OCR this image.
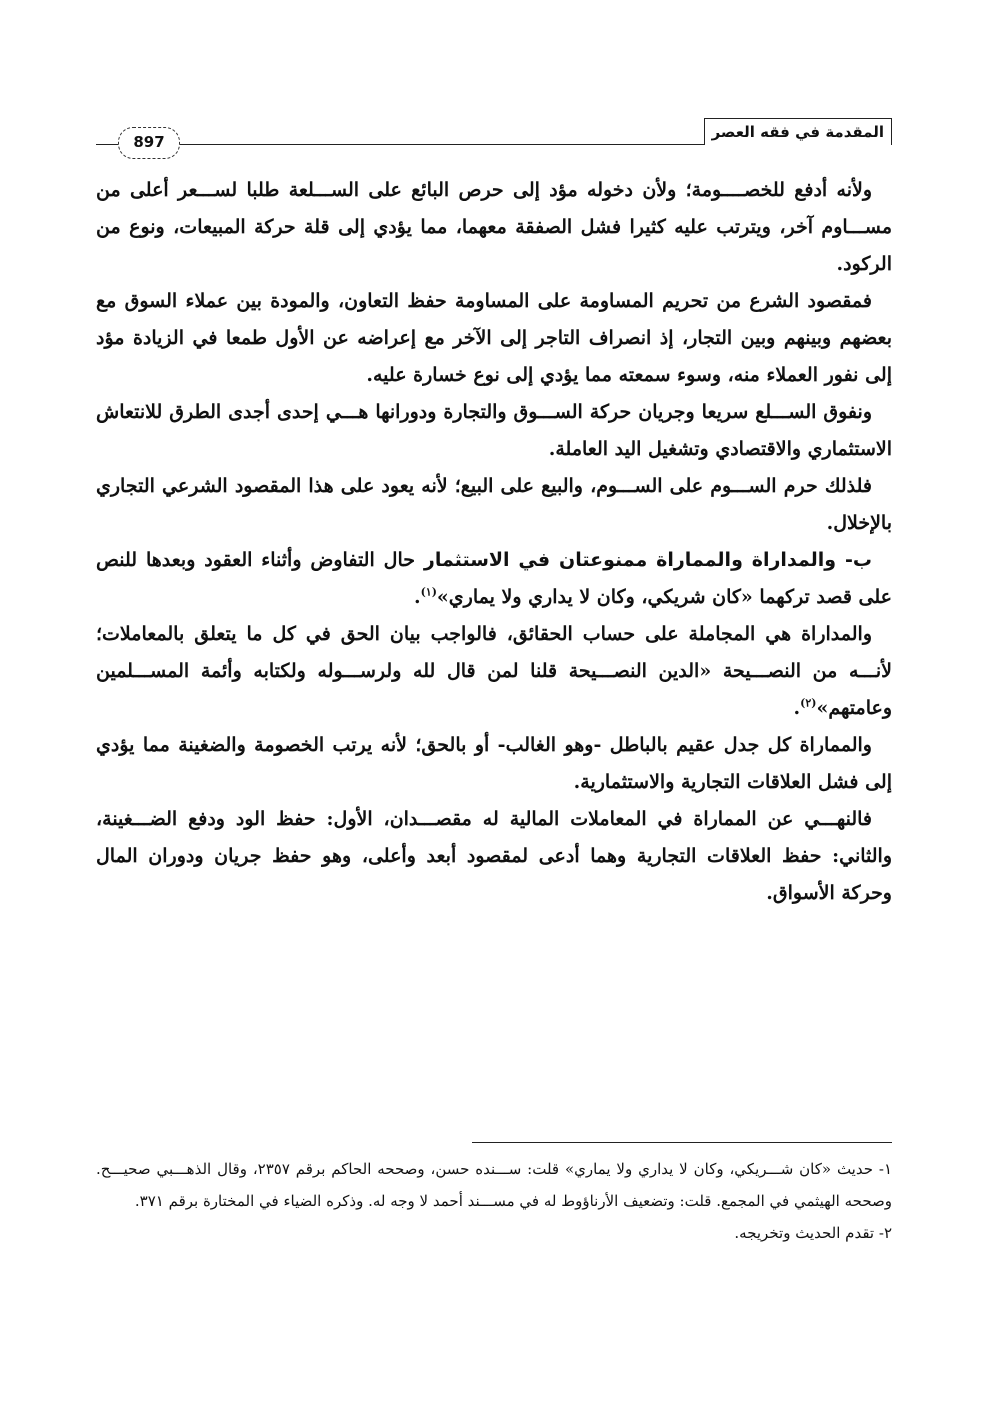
المقدمة في فقه العصر
897

ولأنه أدفع للخصــــومة؛ ولأن دخوله مؤد إلى حرص البائع على الســـلعة طلبا لســـعر أعلى من مســـاوم آخر، ويترتب عليه كثيرا فشل الصفقة معهما، مما يؤدي إلى قلة حركة المبيعات، ونوع من الركود.

فمقصود الشرع من تحريم المساومة على المساومة حفظ التعاون، والمودة بين عملاء السوق مع بعضهم وبينهم وبين التجار، إذ انصراف التاجر إلى الآخر مع إعراضه عن الأول طمعا في الزيادة مؤد إلى نفور العملاء منه، وسوء سمعته مما يؤدي إلى نوع خسارة عليه.

ونفوق الســـلع سريعا وجريان حركة الســـوق والتجارة ودورانها هـــي إحدى أجدى الطرق للانتعاش الاستثماري والاقتصادي وتشغيل اليد العاملة.

فلذلك حرم الســـوم على الســـوم، والبيع على البيع؛ لأنه يعود على هذا المقصود الشرعي التجاري بالإخلال.

ب- والمداراة والمماراة ممنوعتان في الاستثمار حال التفاوض وأثناء العقود وبعدها للنص على قصد تركهما «كان شريكي، وكان لا يداري ولا يماري»$^{(١)}$.

والمداراة هي المجاملة على حساب الحقائق، فالواجب بيان الحق في كل ما يتعلق بالمعاملات؛ لأنـــه من النصـــيحة «الدين النصـــيحة قلنا لمن قال لله ولرســـوله ولكتابه وأئمة المســـلمين وعامتهم»$^{(٢)}$.

والمماراة كل جدل عقيم بالباطل -وهو الغالب- أو بالحق؛ لأنه يرتب الخصومة والضغينة مما يؤدي إلى فشل العلاقات التجارية والاستثمارية.

فالنهـــي عن المماراة في المعاملات المالية له مقصـــدان، الأول: حفظ الود ودفع الضـــغينة، والثاني: حفظ العلاقات التجارية وهما أدعى لمقصود أبعد وأعلى، وهو حفظ جريان ودوران المال وحركة الأسواق.

١- حديث «كان شـــريكي، وكان لا يداري ولا يماري» قلت: ســـنده حسن، وصححه الحاكم برقم ٢٣٥٧، وقال الذهـــبي صحيـــح. وصححه الهيثمي في المجمع. قلت: وتضعيف الأرناؤوط له في مســـند أحمد لا وجه له. وذكره الضياء في المختارة برقم ٣٧١.

٢- تقدم الحديث وتخريجه.
